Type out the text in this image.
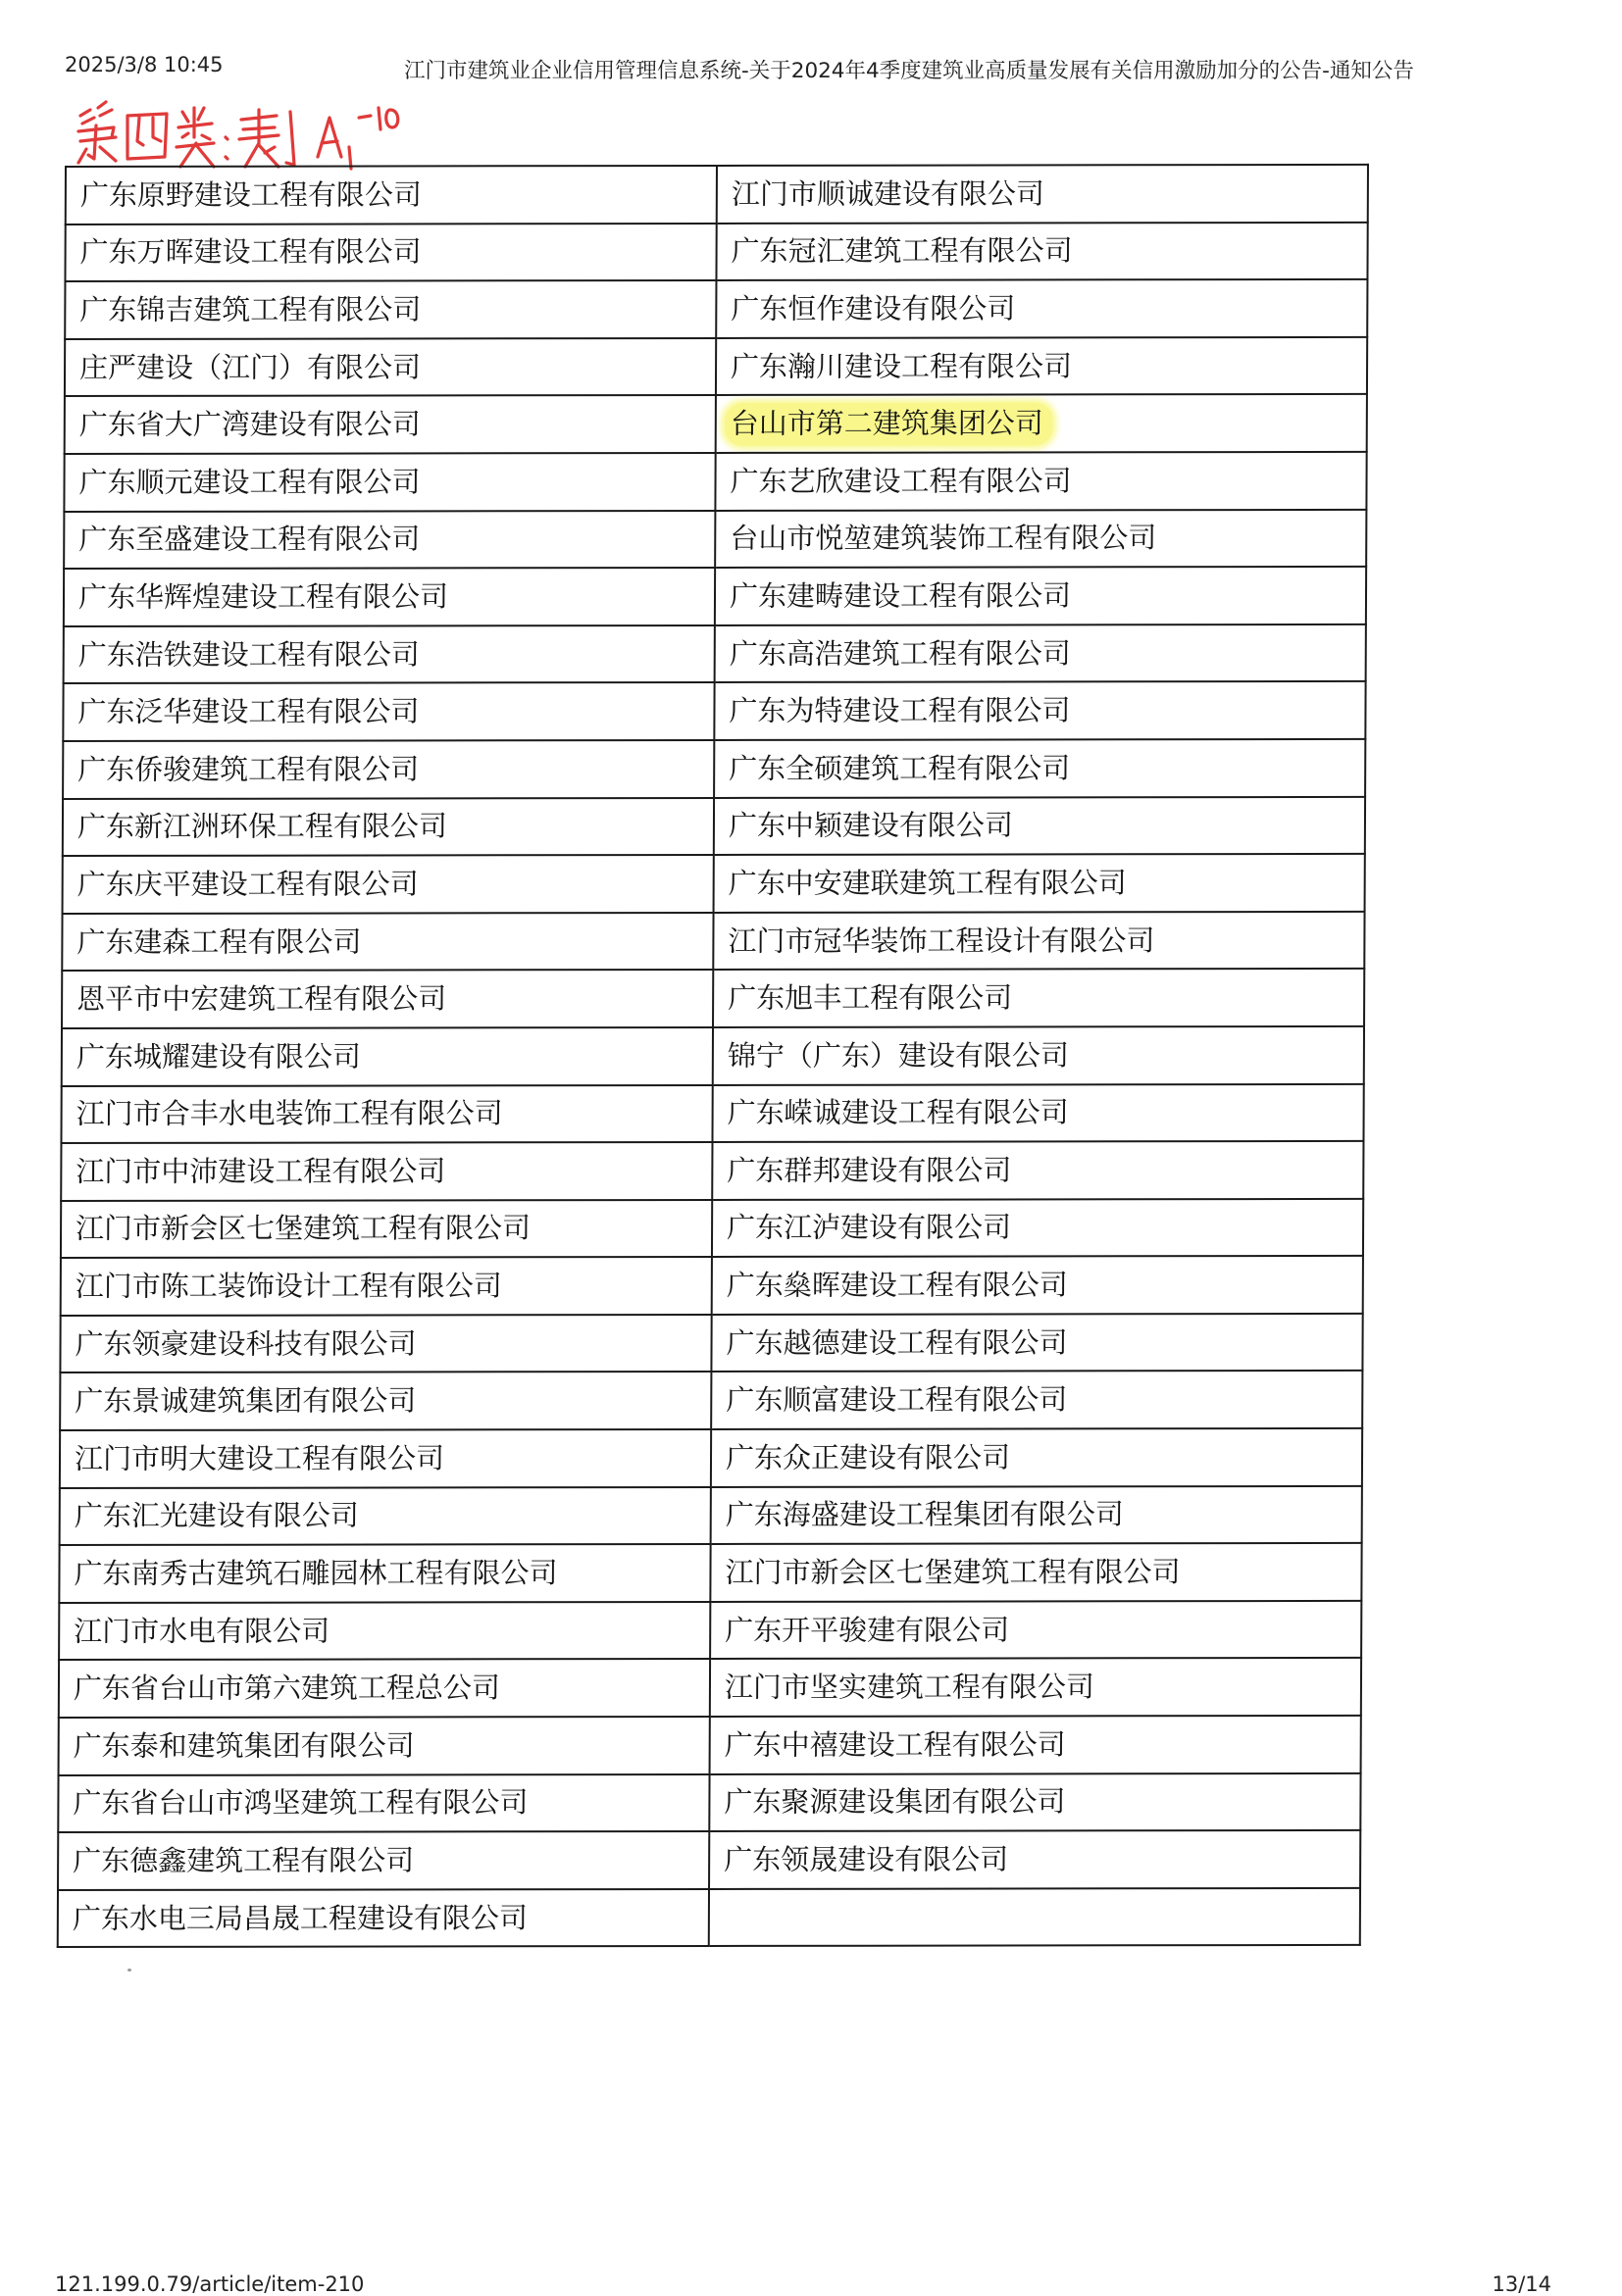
2025/3/8 10:45	江门市建筑业企业信用管理信息系统-关于2024年4季度建筑业高质量发展有关信用激励加分的公告-通知公告
广东原野建设工程有限公司	江门市顺诚建设有限公司
广东万晖建设工程有限公司	广东冠汇建筑工程有限公司
广东锦吉建筑工程有限公司	广东恒作建设有限公司
庄严建设（江门）有限公司	广东瀚川建设工程有限公司
广东省大广湾建设有限公司	台山市第二建筑集团公司
广东顺元建设工程有限公司	广东艺欣建设工程有限公司
广东至盛建设工程有限公司	台山市悦堃建筑装饰工程有限公司
广东华辉煌建设工程有限公司	广东建畴建设工程有限公司
广东浩铁建设工程有限公司	广东高浩建筑工程有限公司
广东泛华建设工程有限公司	广东为特建设工程有限公司
广东侨骏建筑工程有限公司	广东全硕建筑工程有限公司
广东新江洲环保工程有限公司	广东中颖建设有限公司
广东庆平建设工程有限公司	广东中安建联建筑工程有限公司
广东建森工程有限公司	江门市冠华装饰工程设计有限公司
恩平市中宏建筑工程有限公司	广东旭丰工程有限公司
广东城耀建设有限公司	锦宁（广东）建设有限公司
江门市合丰水电装饰工程有限公司	广东嵘诚建设工程有限公司
江门市中沛建设工程有限公司	广东群邦建设有限公司
江门市新会区七堡建筑工程有限公司	广东江泸建设有限公司
江门市陈工装饰设计工程有限公司	广东燊晖建设工程有限公司
广东领豪建设科技有限公司	广东越德建设工程有限公司
广东景诚建筑集团有限公司	广东顺富建设工程有限公司
江门市明大建设工程有限公司	广东众正建设有限公司
广东汇光建设有限公司	广东海盛建设工程集团有限公司
广东南秀古建筑石雕园林工程有限公司	江门市新会区七堡建筑工程有限公司
江门市水电有限公司	广东开平骏建有限公司
广东省台山市第六建筑工程总公司	江门市坚实建筑工程有限公司
广东泰和建筑集团有限公司	广东中禧建设工程有限公司
广东省台山市鸿坚建筑工程有限公司	广东聚源建设集团有限公司
广东德鑫建筑工程有限公司	广东领晟建设有限公司
广东水电三局昌晟工程建设有限公司	
121.199.0.79/article/item-210	13/14
